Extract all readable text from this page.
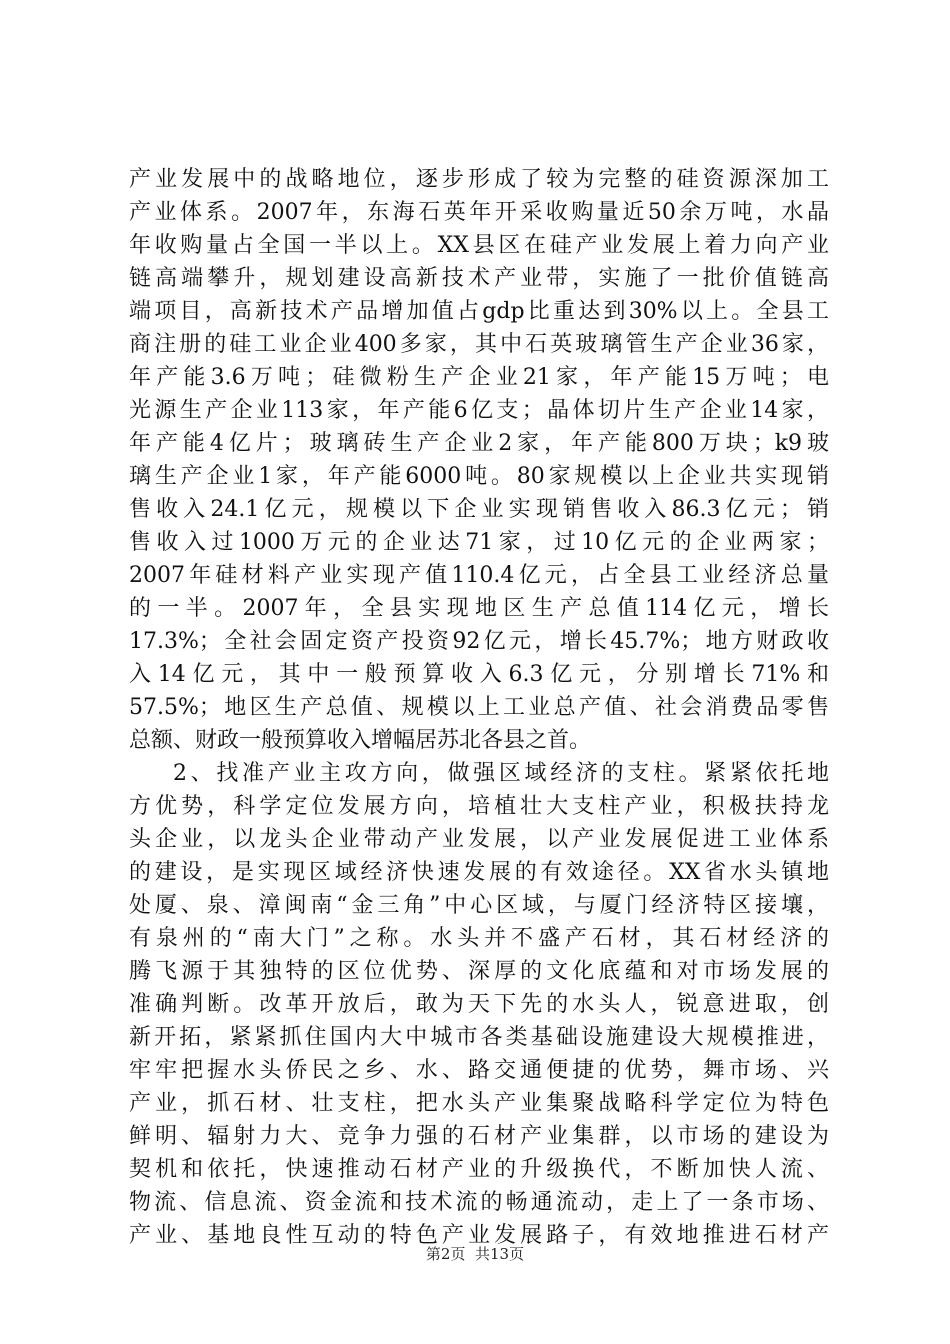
产业发展中的战略地位，逐步形成了较为完整的硅资源深加工
产业体系。2007年，东海石英年开采收购量近50余万吨，水晶
年收购量占全国一半以上。XX县区在硅产业发展上着力向产业
链高端攀升，规划建设高新技术产业带，实施了一批价值链高
端项目，高新技术产品增加值占gdp比重达到30%以上。全县工
商注册的硅工业企业400多家，其中石英玻璃管生产企业36家，
年产能3.6万吨；硅微粉生产企业21家，年产能15万吨；电
光源生产企业113家，年产能6亿支；晶体切片生产企业14家，
年产能4亿片；玻璃砖生产企业2家，年产能800万块；k9玻
璃生产企业1家，年产能6000吨。80家规模以上企业共实现销
售收入24.1亿元，规模以下企业实现销售收入86.3亿元；销
售收入过1000万元的企业达71家，过10亿元的企业两家；
2007年硅材料产业实现产值110.4亿元，占全县工业经济总量
的一半。2007年，全县实现地区生产总值114亿元，增长
17.3%；全社会固定资产投资92亿元，增长45.7%；地方财政收
入14亿元，其中一般预算收入6.3亿元，分别增长71%和
57.5%；地区生产总值、规模以上工业总产值、社会消费品零售
总额、财政一般预算收入增幅居苏北各县之首。
2、找准产业主攻方向，做强区域经济的支柱。紧紧依托地
方优势，科学定位发展方向，培植壮大支柱产业，积极扶持龙
头企业，以龙头企业带动产业发展，以产业发展促进工业体系
的建设，是实现区域经济快速发展的有效途径。XX省水头镇地
处厦、泉、漳闽南“金三角”中心区域，与厦门经济特区接壤，
有泉州的“南大门”之称。水头并不盛产石材，其石材经济的
腾飞源于其独特的区位优势、深厚的文化底蕴和对市场发展的
准确判断。改革开放后，敢为天下先的水头人，锐意进取，创
新开拓，紧紧抓住国内大中城市各类基础设施建设大规模推进，
牢牢把握水头侨民之乡、水、路交通便捷的优势，舞市场、兴
产业，抓石材、壮支柱，把水头产业集聚战略科学定位为特色
鲜明、辐射力大、竞争力强的石材产业集群，以市场的建设为
契机和依托，快速推动石材产业的升级换代，不断加快人流、
物流、信息流、资金流和技术流的畅通流动，走上了一条市场、
产业、基地良性互动的特色产业发展路子，有效地推进石材产
第2页  共13页
